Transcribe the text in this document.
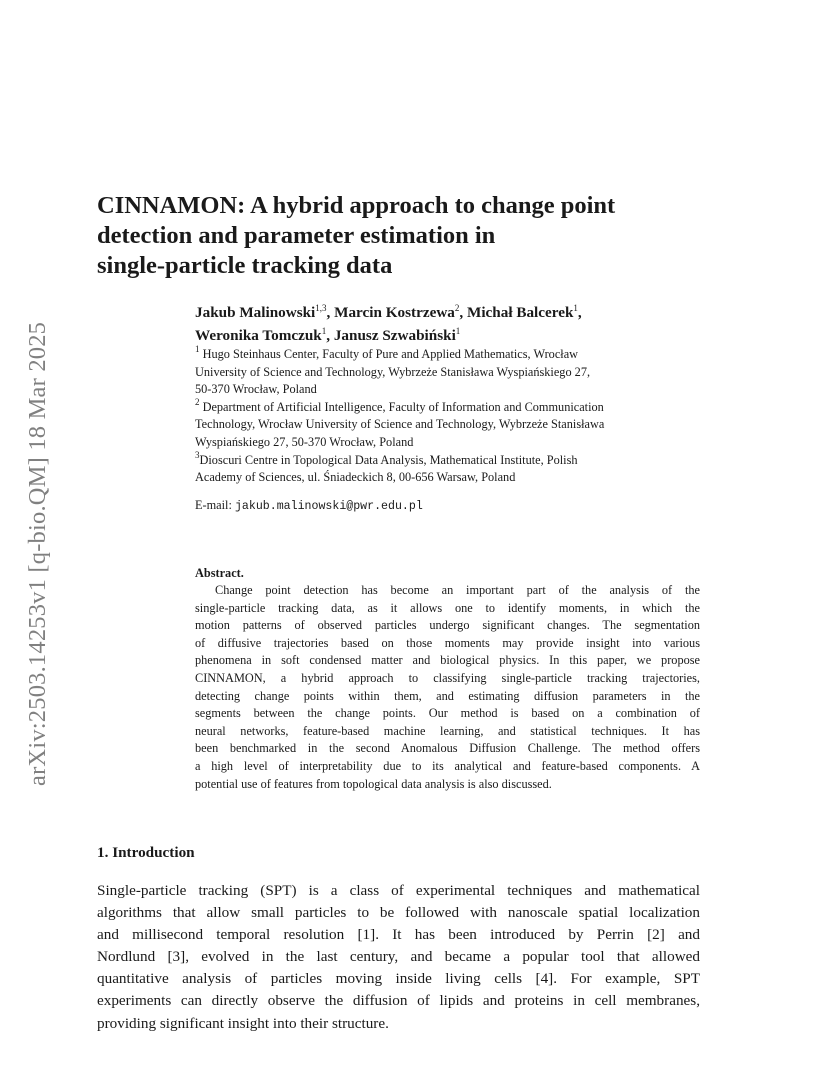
arXiv:2503.14253v1 [q-bio.QM] 18 Mar 2025
CINNAMON: A hybrid approach to change point
detection and parameter estimation in
single-particle tracking data
Jakub Malinowski$^{1,3}$, Marcin Kostrzewa$^2$, Michał Balcerek$^1$,
Weronika Tomczuk$^1$, Janusz Szwabiński$^1$
$^1$ Hugo Steinhaus Center, Faculty of Pure and Applied Mathematics, Wrocław
University of Science and Technology, Wybrzeże Stanisława Wyspiańskiego 27,
50-370 Wrocław, Poland
$^2$ Department of Artificial Intelligence, Faculty of Information and Communication
Technology, Wrocław University of Science and Technology, Wybrzeże Stanisława
Wyspiańskiego 27, 50-370 Wrocław, Poland
$^3$Dioscuri Centre in Topological Data Analysis, Mathematical Institute, Polish
Academy of Sciences, ul. Śniadeckich 8, 00-656 Warsaw, Poland
E-mail: jakub.malinowski@pwr.edu.pl
Abstract.
Change point detection has become an important part of the analysis of the
single-particle tracking data, as it allows one to identify moments, in which the
motion patterns of observed particles undergo significant changes. The segmentation
of diffusive trajectories based on those moments may provide insight into various
phenomena in soft condensed matter and biological physics. In this paper, we propose
CINNAMON, a hybrid approach to classifying single-particle tracking trajectories,
detecting change points within them, and estimating diffusion parameters in the
segments between the change points. Our method is based on a combination of
neural networks, feature-based machine learning, and statistical techniques. It has
been benchmarked in the second Anomalous Diffusion Challenge. The method offers
a high level of interpretability due to its analytical and feature-based components. A
potential use of features from topological data analysis is also discussed.
1. Introduction
Single-particle tracking (SPT) is a class of experimental techniques and mathematical
algorithms that allow small particles to be followed with nanoscale spatial localization
and millisecond temporal resolution [1]. It has been introduced by Perrin [2] and
Nordlund [3], evolved in the last century, and became a popular tool that allowed
quantitative analysis of particles moving inside living cells [4]. For example, SPT
experiments can directly observe the diffusion of lipids and proteins in cell membranes,
providing significant insight into their structure.
